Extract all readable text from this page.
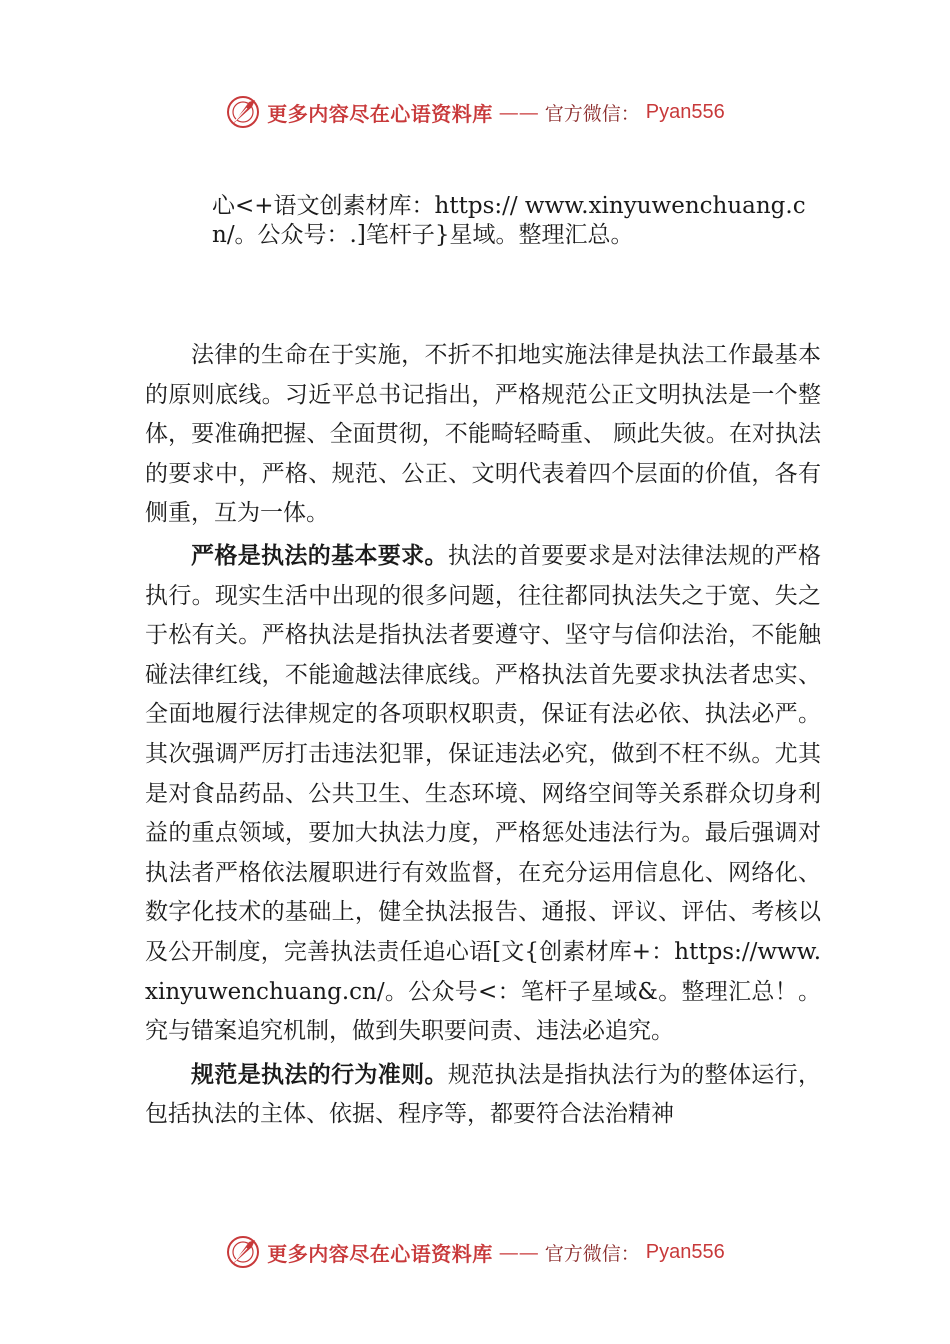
更多内容尽在心语资料库 —— 官方微信： Pyan556
心<+语文创素材库：https:// www.xinyuwenchuang.cn/。公众号：.]笔杆子}星域。整理汇总。

法律的生命在于实施，不折不扣地实施法律是执法工作最基本的原则底线。习近平总书记指出，严格规范公正文明执法是一个整体，要准确把握、全面贯彻，不能畸轻畸重、 顾此失彼。在对执法的要求中，严格、规范、公正、文明代表着四个层面的价值，各有侧重，互为一体。

严格是执法的基本要求。执法的首要要求是对法律法规的严格执行。现实生活中出现的很多问题，往往都同执法失之于宽、失之于松有关。严格执法是指执法者要遵守、坚守与信仰法治，不能触碰法律红线，不能逾越法律底线。严格执法首先要求执法者忠实、全面地履行法律规定的各项职权职责，保证有法必依、执法必严。其次强调严厉打击违法犯罪，保证违法必究，做到不枉不纵。尤其是对食品药品、公共卫生、生态环境、网络空间等关系群众切身利益的重点领域，要加大执法力度，严格惩处违法行为。最后强调对执法者严格依法履职进行有效监督，在充分运用信息化、网络化、数字化技术的基础上，健全执法报告、通报、评议、评估、考核以及公开制度，完善执法责任追心语[文{创素材库+：https://www.xinyuwenchuang.cn/。公众号<：笔杆子星域&。整理汇总！。究与错案追究机制，做到失职要问责、违法必追究。

规范是执法的行为准则。规范执法是指执法行为的整体运行，包括执法的主体、依据、程序等，都要符合法治精神

更多内容尽在心语资料库 —— 官方微信： Pyan556
